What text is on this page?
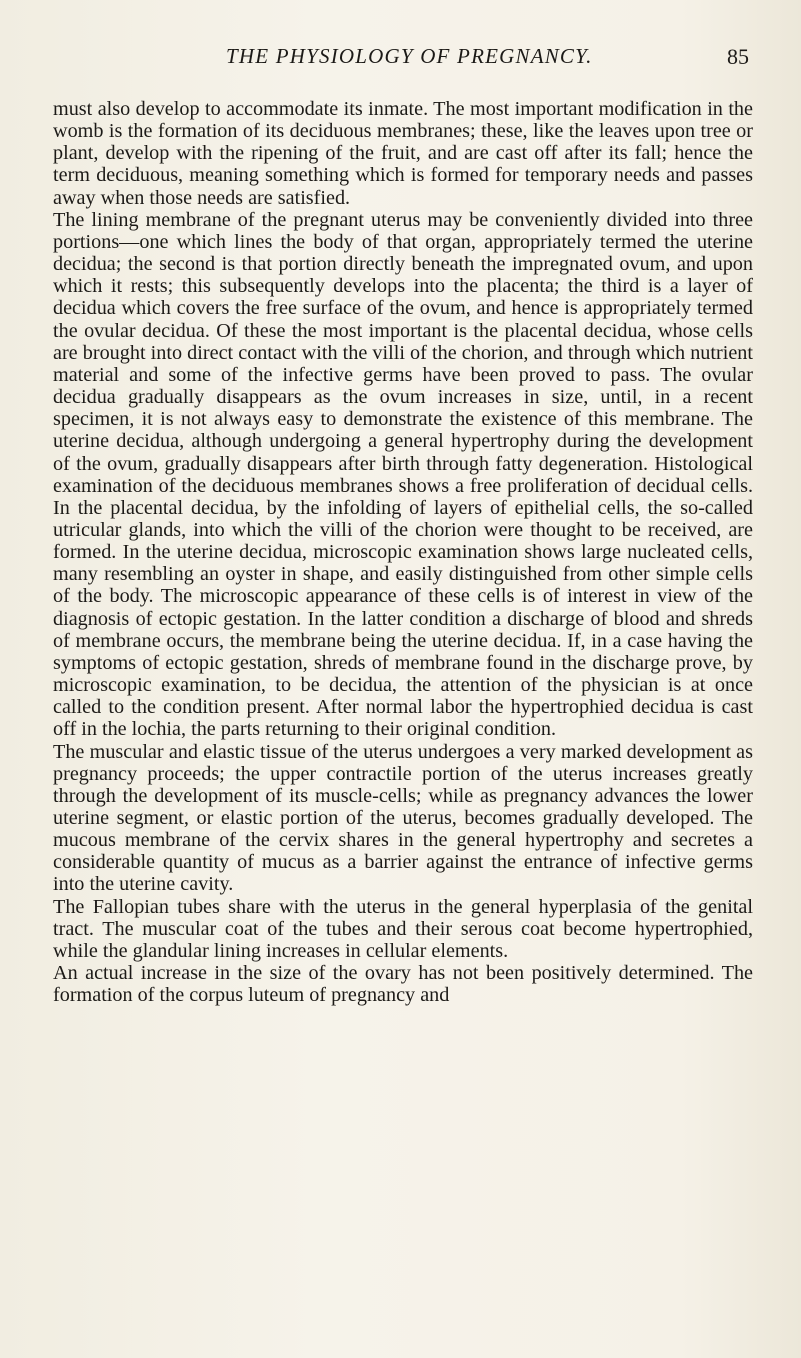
THE PHYSIOLOGY OF PREGNANCY.	85

must also develop to accommodate its inmate. The most important modification in the womb is the formation of its deciduous membranes; these, like the leaves upon tree or plant, develop with the ripening of the fruit, and are cast off after its fall; hence the term deciduous, meaning something which is formed for temporary needs and passes away when those needs are satisfied.

The lining membrane of the pregnant uterus may be conveniently divided into three portions—one which lines the body of that organ, appropriately termed the uterine decidua; the second is that portion directly beneath the impregnated ovum, and upon which it rests; this subsequently develops into the placenta; the third is a layer of decidua which covers the free surface of the ovum, and hence is appropriately termed the ovular decidua. Of these the most important is the placental decidua, whose cells are brought into direct contact with the villi of the chorion, and through which nutrient material and some of the infective germs have been proved to pass. The ovular decidua gradually disappears as the ovum increases in size, until, in a recent specimen, it is not always easy to demonstrate the existence of this membrane. The uterine decidua, although undergoing a general hypertrophy during the development of the ovum, gradually disappears after birth through fatty degeneration. Histological examination of the deciduous membranes shows a free proliferation of decidual cells. In the placental decidua, by the infolding of layers of epithelial cells, the so-called utricular glands, into which the villi of the chorion were thought to be received, are formed. In the uterine decidua, microscopic examination shows large nucleated cells, many resembling an oyster in shape, and easily distinguished from other simple cells of the body. The microscopic appearance of these cells is of interest in view of the diagnosis of ectopic gestation. In the latter condition a discharge of blood and shreds of membrane occurs, the membrane being the uterine decidua. If, in a case having the symptoms of ectopic gestation, shreds of membrane found in the discharge prove, by microscopic examination, to be decidua, the attention of the physician is at once called to the condition present. After normal labor the hypertrophied decidua is cast off in the lochia, the parts returning to their original condition.

The muscular and elastic tissue of the uterus undergoes a very marked development as pregnancy proceeds; the upper contractile portion of the uterus increases greatly through the development of its muscle-cells; while as pregnancy advances the lower uterine segment, or elastic portion of the uterus, becomes gradually developed. The mucous membrane of the cervix shares in the general hypertrophy and secretes a considerable quantity of mucus as a barrier against the entrance of infective germs into the uterine cavity.

The Fallopian tubes share with the uterus in the general hyperplasia of the genital tract. The muscular coat of the tubes and their serous coat become hypertrophied, while the glandular lining increases in cellular elements.

An actual increase in the size of the ovary has not been positively determined. The formation of the corpus luteum of pregnancy and
